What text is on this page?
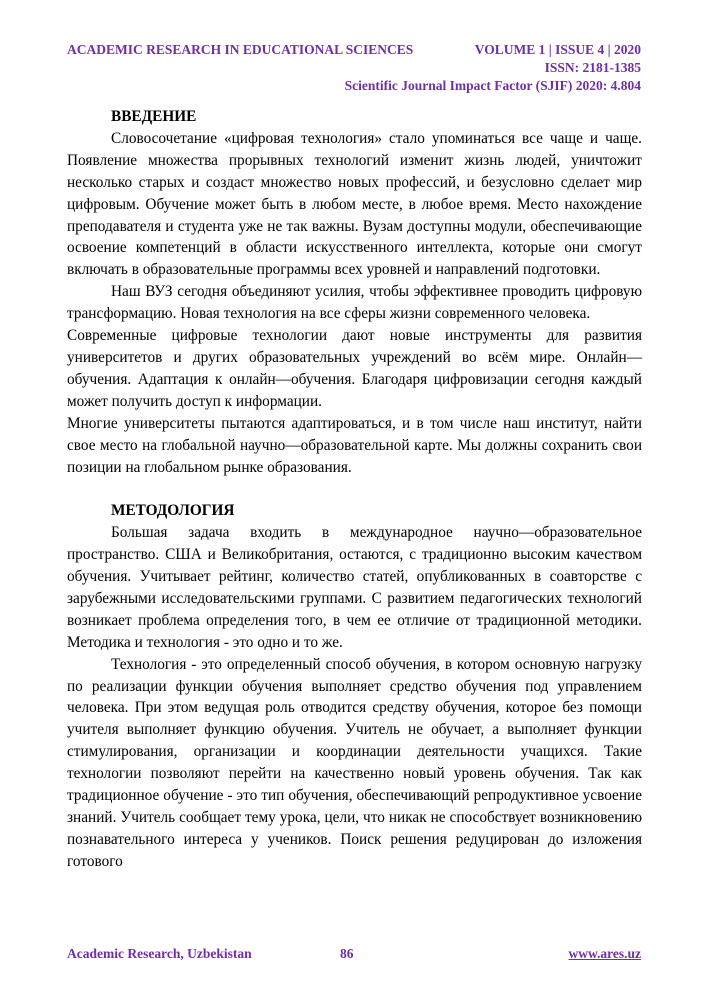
ACADEMIC RESEARCH IN EDUCATIONAL SCIENCES	VOLUME 1 | ISSUE 4 | 2020
ISSN: 2181-1385
Scientific Journal Impact Factor (SJIF) 2020: 4.804
ВВЕДЕНИЕ

Словосочетание «цифровая технология» стало упоминаться все чаще и чаще. Появление множества прорывных технологий изменит жизнь людей, уничтожит несколько старых и создаст множество новых профессий, и безусловно сделает мир цифровым. Обучение может быть в любом месте, в любое время. Место нахождение преподавателя и студента уже не так важны. Вузам доступны модули, обеспечивающие освоение компетенций в области искусственного интеллекта, которые они смогут включать в образовательные программы всех уровней и направлений подготовки.

Наш ВУЗ сегодня объединяют усилия, чтобы эффективнее проводить цифровую трансформацию. Новая технология на все сферы жизни современного человека.

Современные цифровые технологии дают новые инструменты для развития университетов и других образовательных учреждений во всём мире. Онлайн—обучения. Адаптация к онлайн—обучения. Благодаря цифровизации сегодня каждый может получить доступ к информации.

Многие университеты пытаются адаптироваться, и в том числе наш институт, найти свое место на глобальной научно—образовательной карте. Мы должны сохранить свои позиции на глобальном рынке образования.

МЕТОДОЛОГИЯ

Большая задача входить в международное научно—образовательное пространство. США и Великобритания, остаются, с традиционно высоким качеством обучения. Учитывает рейтинг, количество статей, опубликованных в соавторстве с зарубежными исследовательскими группами. С развитием педагогических технологий возникает проблема определения того, в чем ее отличие от традиционной методики. Методика и технология - это одно и то же.

Технология - это определенный способ обучения, в котором основную нагрузку по реализации функции обучения выполняет средство обучения под управлением человека. При этом ведущая роль отводится средству обучения, которое без помощи учителя выполняет функцию обучения. Учитель не обучает, а выполняет функции стимулирования, организации и координации деятельности учащихся. Такие технологии позволяют перейти на качественно новый уровень обучения. Так как традиционное обучение - это тип обучения, обеспечивающий репродуктивное усвоение знаний. Учитель сообщает тему урока, цели, что никак не способствует возникновению познавательного интереса у учеников. Поиск решения редуцирован до изложения готового

Academic Research, Uzbekistan	86	www.ares.uz
